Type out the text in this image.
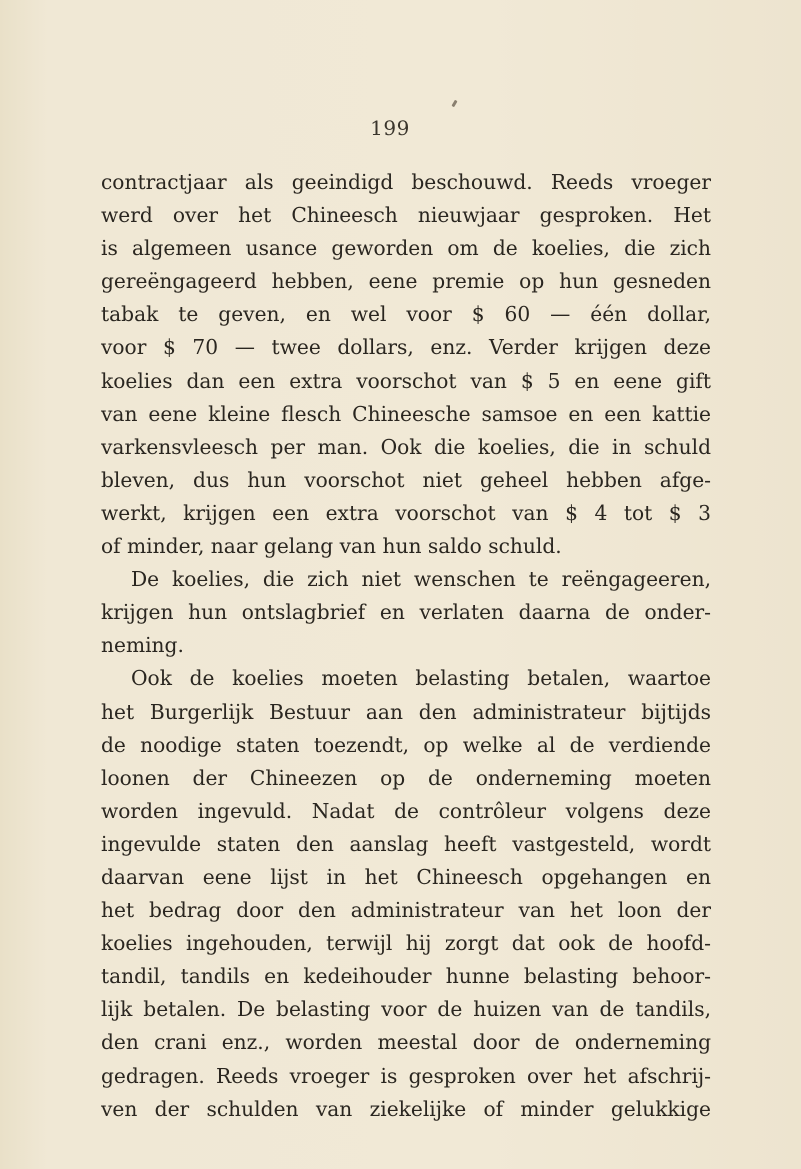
199
contractjaar als geeindigd beschouwd. Reeds vroeger
werd over het Chineesch nieuwjaar gesproken. Het
is algemeen usance geworden om de koelies, die zich
gereëngageerd hebben, eene premie op hun gesneden
tabak te geven, en wel voor $ 60 — één dollar,
voor $ 70 — twee dollars, enz. Verder krijgen deze
koelies dan een extra voorschot van $ 5 en eene gift
van eene kleine flesch Chineesche samsoe en een kattie
varkensvleesch per man. Ook die koelies, die in schuld
bleven, dus hun voorschot niet geheel hebben afge-
werkt, krijgen een extra voorschot van $ 4 tot $ 3
of minder, naar gelang van hun saldo schuld.
De koelies, die zich niet wenschen te reëngageeren,
krijgen hun ontslagbrief en verlaten daarna de onder-
neming.
Ook de koelies moeten belasting betalen, waartoe
het Burgerlijk Bestuur aan den administrateur bijtijds
de noodige staten toezendt, op welke al de verdiende
loonen der Chineezen op de onderneming moeten
worden ingevuld. Nadat de contrôleur volgens deze
ingevulde staten den aanslag heeft vastgesteld, wordt
daarvan eene lijst in het Chineesch opgehangen en
het bedrag door den administrateur van het loon der
koelies ingehouden, terwijl hij zorgt dat ook de hoofd-
tandil, tandils en kedeihouder hunne belasting behoor-
lijk betalen. De belasting voor de huizen van de tandils,
den crani enz., worden meestal door de onderneming
gedragen. Reeds vroeger is gesproken over het afschrij-
ven der schulden van ziekelijke of minder gelukkige
